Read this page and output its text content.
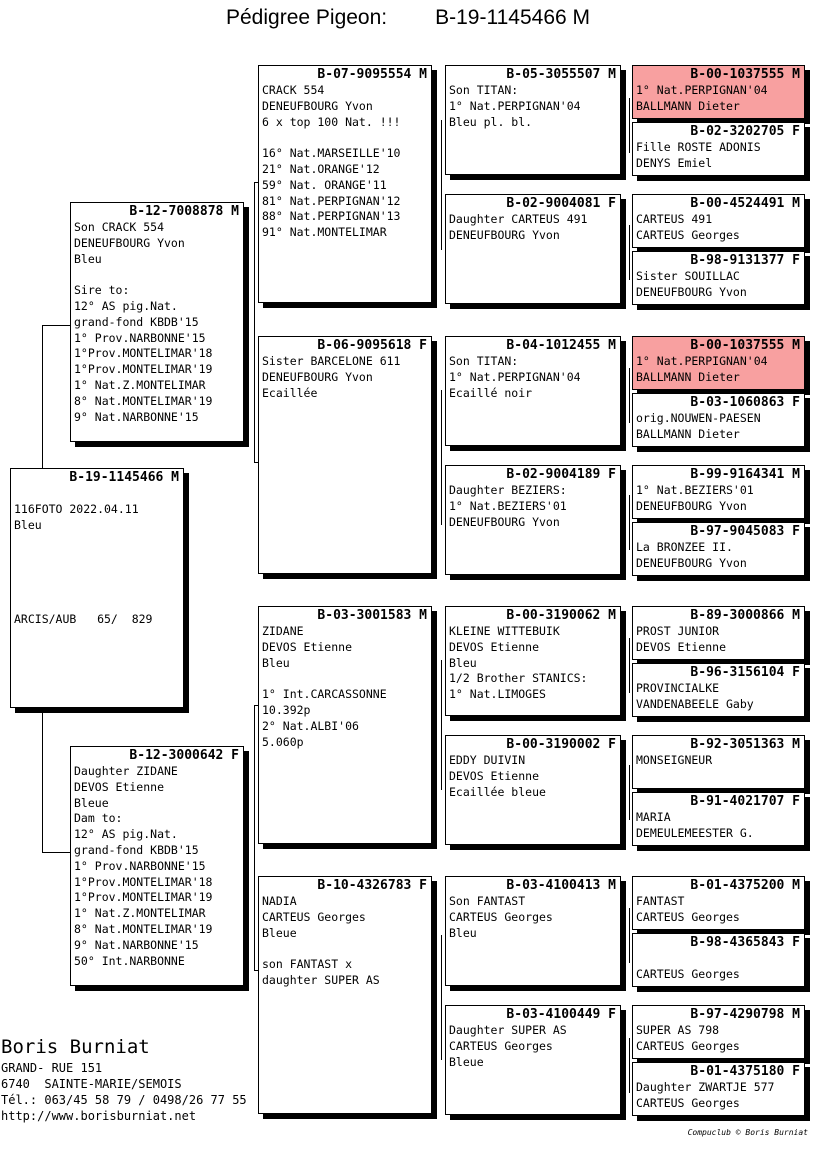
Pédigree Pigeon: B-19-1145466 M
B-19-1145466 M

116FOTO 2022.04.11
Bleu

ARCIS/AUB   65/  829
B-12-7008878 M
Son CRACK 554
DENEUFBOURG Yvon
Bleu

Sire to:
12° AS pig.Nat.
grand-fond KBDB'15
1° Prov.NARBONNE'15
1°Prov.MONTELIMAR'18
1°Prov.MONTELIMAR'19
1° Nat.Z.MONTELIMAR
8° Nat.MONTELIMAR'19
9° Nat.NARBONNE'15
B-12-3000642 F
Daughter ZIDANE
DEVOS Etienne
Bleue
Dam to:
12° AS pig.Nat.
grand-fond KBDB'15
1° Prov.NARBONNE'15
1°Prov.MONTELIMAR'18
1°Prov.MONTELIMAR'19
1° Nat.Z.MONTELIMAR
8° Nat.MONTELIMAR'19
9° Nat.NARBONNE'15
50° Int.NARBONNE
B-07-9095554 M
CRACK 554
DENEUFBOURG Yvon
6 x top 100 Nat. !!!

16° Nat.MARSEILLE'10
21° Nat.ORANGE'12
59° Nat. ORANGE'11
81° Nat.PERPIGNAN'12
88° Nat.PERPIGNAN'13
91° Nat.MONTELIMAR
B-06-9095618 F
Sister BARCELONE 611
DENEUFBOURG Yvon
Ecaillée
B-03-3001583 M
ZIDANE
DEVOS Etienne
Bleu

1° Int.CARCASSONNE
10.392p
2° Nat.ALBI'06
5.060p
B-10-4326783 F
NADIA
CARTEUS Georges
Bleue

son FANTAST x
daughter SUPER AS
B-05-3055507 M
Son TITAN:
1° Nat.PERPIGNAN'04
Bleu pl. bl.
B-02-9004081 F
Daughter CARTEUS 491
DENEUFBOURG Yvon
B-04-1012455 M
Son TITAN:
1° Nat.PERPIGNAN'04
Ecaillé noir
B-02-9004189 F
Daughter BEZIERS:
1° Nat.BEZIERS'01
DENEUFBOURG Yvon
B-00-3190062 M
KLEINE WITTEBUIK
DEVOS Etienne
Bleu
1/2 Brother STANICS:
1° Nat.LIMOGES
B-00-3190002 F
EDDY DUIVIN
DEVOS Etienne
Ecaillée bleue
B-03-4100413 M
Son FANTAST
CARTEUS Georges
Bleu
B-03-4100449 F
Daughter SUPER AS
CARTEUS Georges
Bleue
B-00-1037555 M
1° Nat.PERPIGNAN'04
BALLMANN Dieter
B-02-3202705 F
Fille ROSTE ADONIS
DENYS Emiel
B-00-4524491 M
CARTEUS 491
CARTEUS Georges
B-98-9131377 F
Sister SOUILLAC
DENEUFBOURG Yvon
B-00-1037555 M
1° Nat.PERPIGNAN'04
BALLMANN Dieter
B-03-1060863 F
orig.NOUWEN-PAESEN
BALLMANN Dieter
B-99-9164341 M
1° Nat.BEZIERS'01
DENEUFBOURG Yvon
B-97-9045083 F
La BRONZEE II.
DENEUFBOURG Yvon
B-89-3000866 M
PROST JUNIOR
DEVOS Etienne
B-96-3156104 F
PROVINCIALKE
VANDENABEELE Gaby
B-92-3051363 M
MONSEIGNEUR
B-91-4021707 F
MARIA
DEMEULEMEESTER G.
B-01-4375200 M
FANTAST
CARTEUS Georges
B-98-4365843 F

CARTEUS Georges
B-97-4290798 M
SUPER AS 798
CARTEUS Georges
B-01-4375180 F
Daughter ZWARTJE 577
CARTEUS Georges
Boris Burniat
GRAND- RUE 151
6740  SAINTE-MARIE/SEMOIS
Tél.: 063/45 58 79 / 0498/26 77 55
http://www.borisburniat.net
Compuclub © Boris Burniat
